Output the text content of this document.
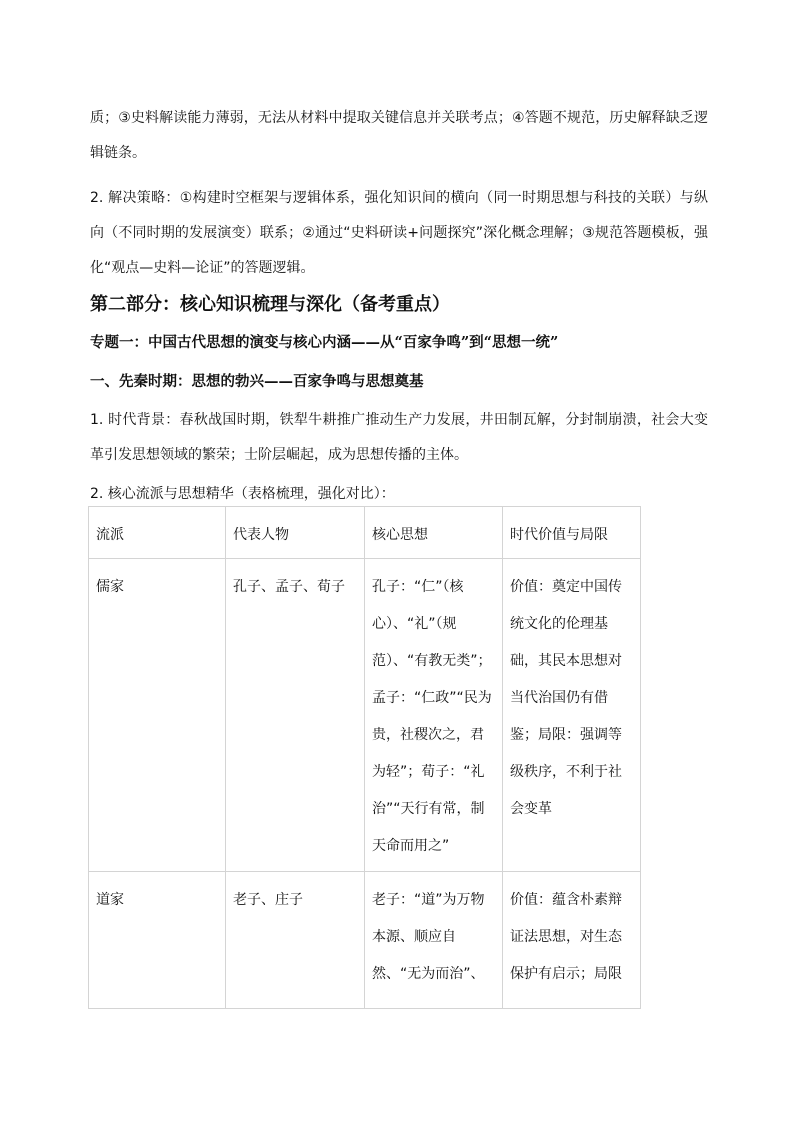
质；③史料解读能力薄弱，无法从材料中提取关键信息并关联考点；④答题不规范，历史解释缺乏逻辑链条。

2. 解决策略：①构建时空框架与逻辑体系，强化知识间的横向（同一时期思想与科技的关联）与纵向（不同时期的发展演变）联系；②通过“史料研读+问题探究”深化概念理解；③规范答题模板，强化“观点—史料—论证”的答题逻辑。

第二部分：核心知识梳理与深化（备考重点）
专题一：中国古代思想的演变与核心内涵——从“百家争鸣”到“思想一统”
一、先秦时期：思想的勃兴——百家争鸣与思想奠基

1. 时代背景：春秋战国时期，铁犁牛耕推广推动生产力发展，井田制瓦解，分封制崩溃，社会大变革引发思想领域的繁荣；士阶层崛起，成为思想传播的主体。

2. 核心流派与思想精华（表格梳理，强化对比）：

流派	代表人物	核心思想	时代价值与局限
儒家	孔子、孟子、荀子	孔子：“仁”（核心）、“礼”（规范）、“有教无类”；孟子：“仁政”“民为贵，社稷次之，君为轻”；荀子：“礼治”“天行有常，制天命而用之”	价值：奠定中国传统文化的伦理基础，其民本思想对当代治国仍有借鉴；局限：强调等级秩序，不利于社会变革

道家	老子、庄子	老子：“道”为万物本源、顺应自然、“无为而治”、	价值：蕴含朴素辩证法思想，对生态保护有启示；局限
